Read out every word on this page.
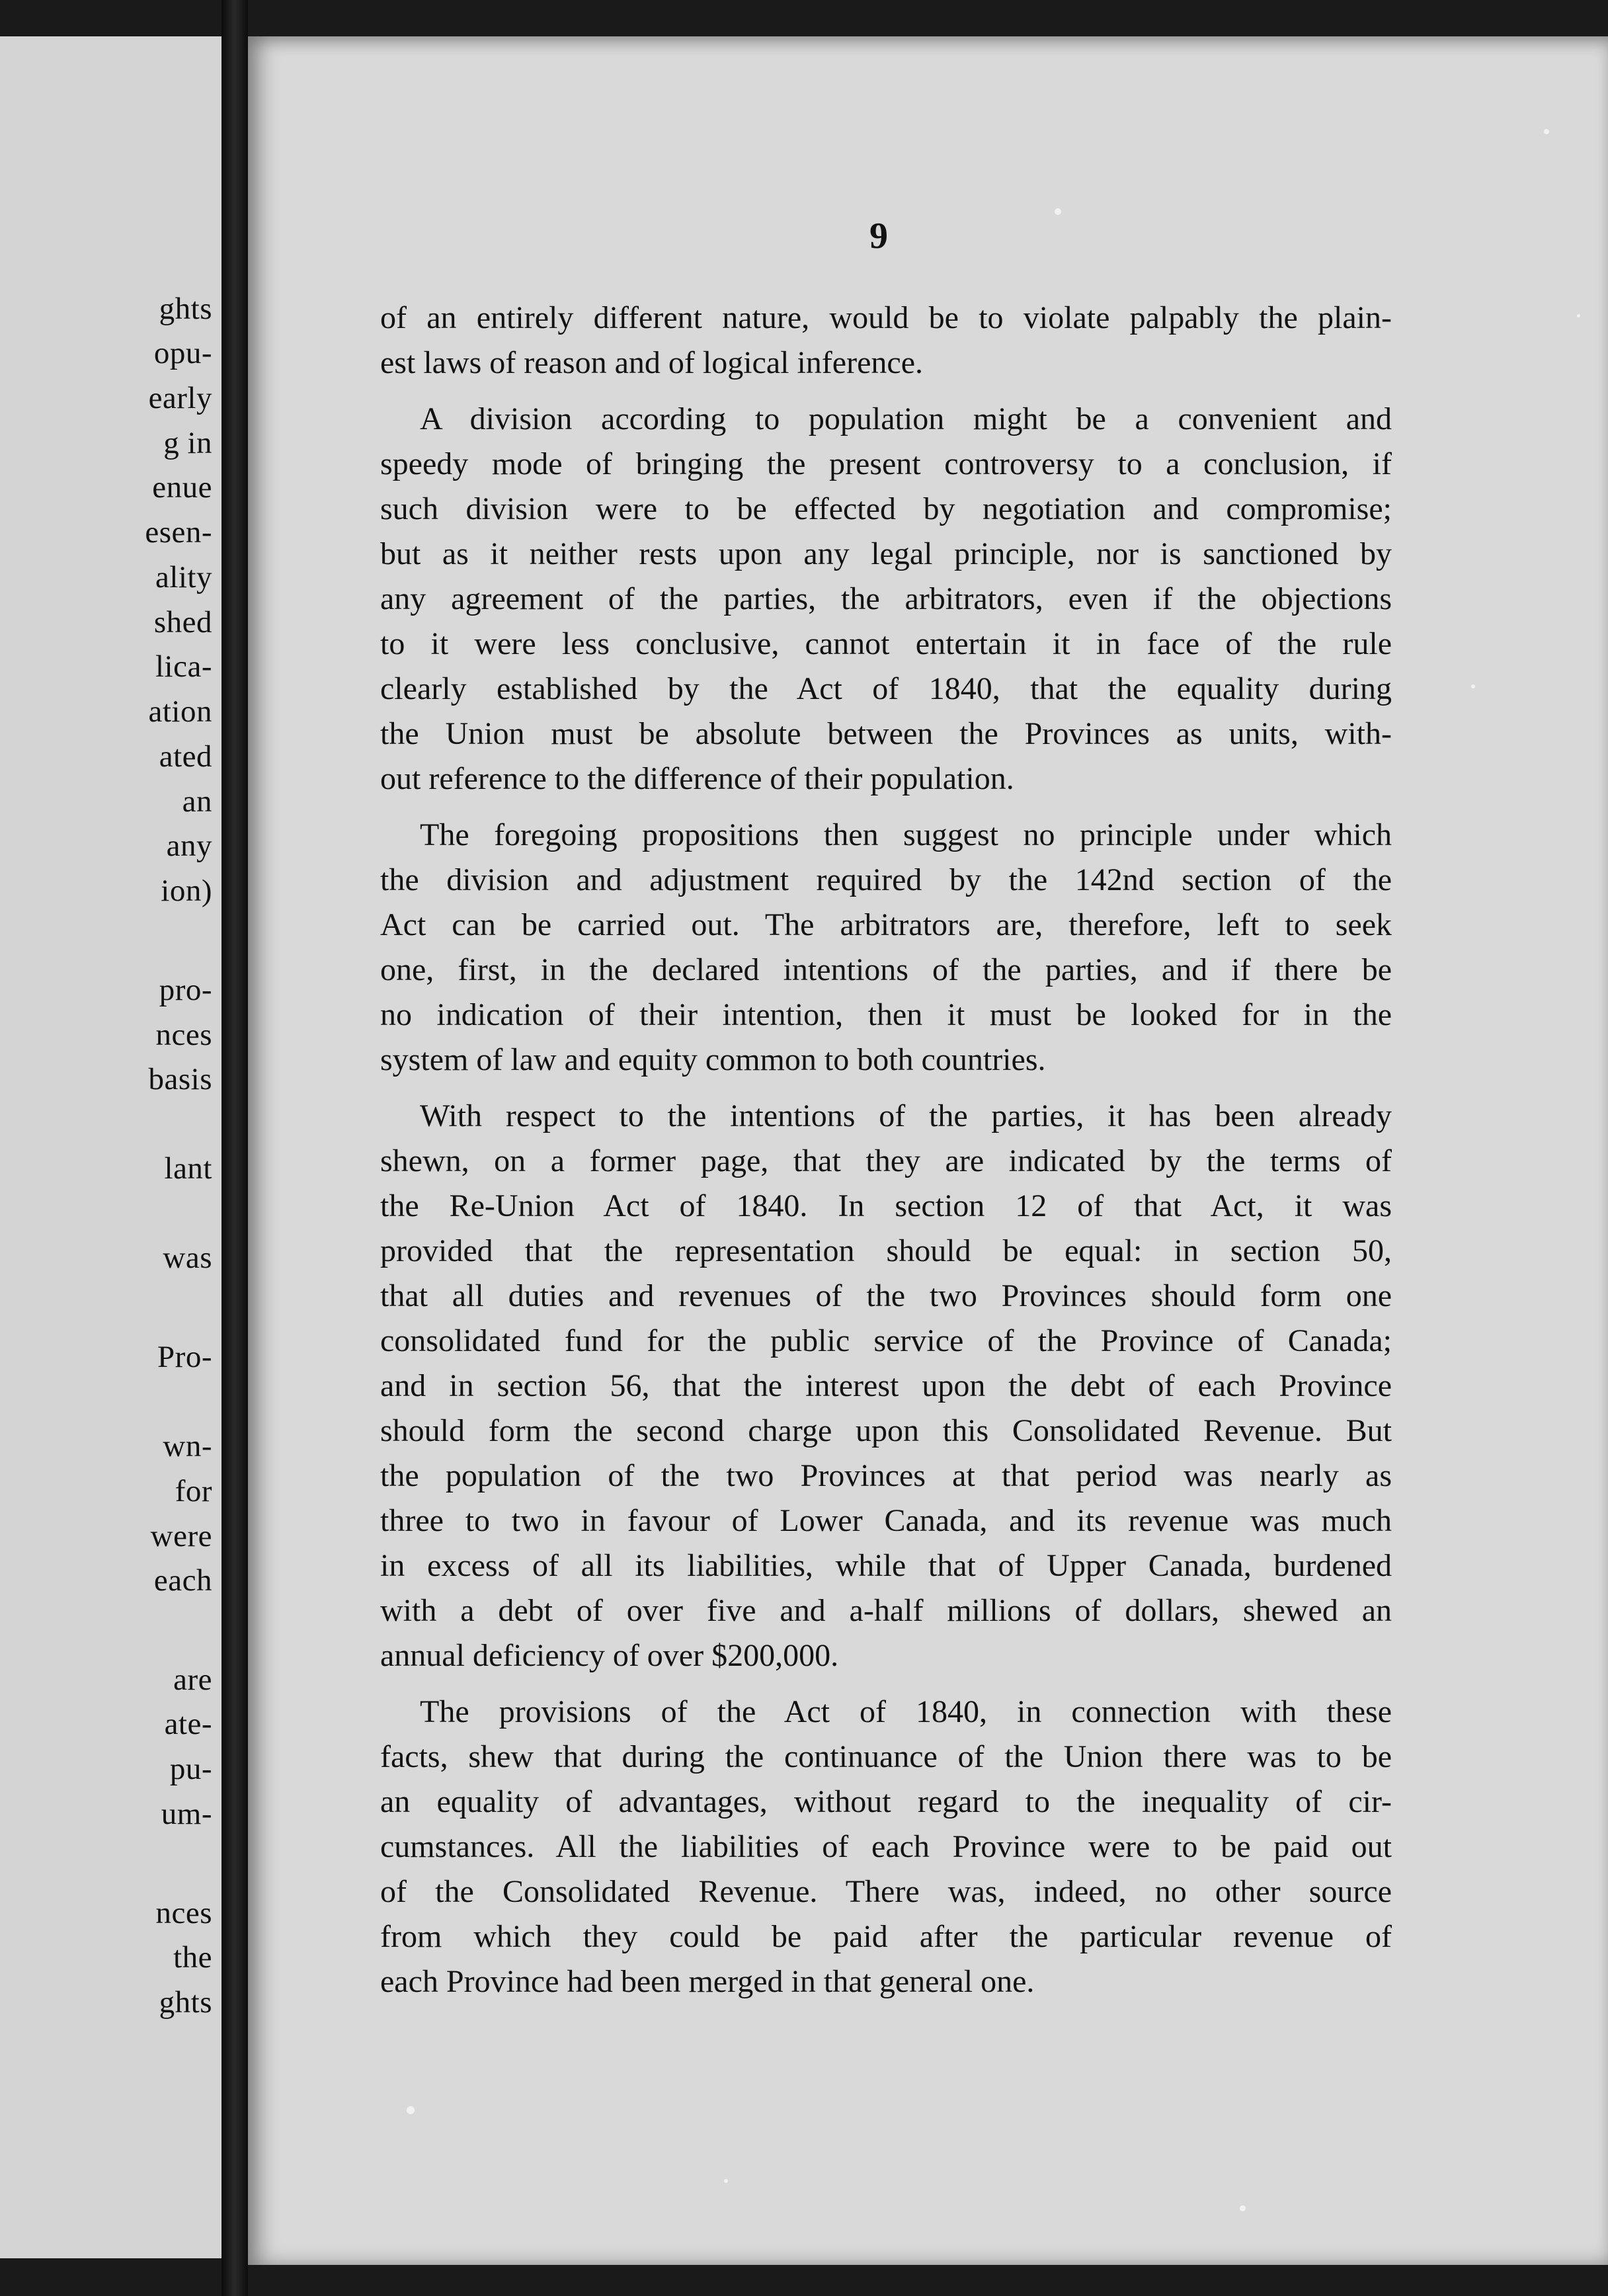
ghts
opu-
early
g in
enue
esen-
ality
shed
lica-
ation
ated
an
any
ion)
pro-
nces
basis
lant
was
Pro-
wn-
for
were
each
are
ate-
pu-
um-
nces
the
ghts
9
of an entirely different nature, would be to violate palpably the plain-
est laws of reason and of logical inference.
A division according to population might be a convenient and
speedy mode of bringing the present controversy to a conclusion, if
such division were to be effected by negotiation and compromise;
but as it neither rests upon any legal principle, nor is sanctioned by
any agreement of the parties, the arbitrators, even if the objections
to it were less conclusive, cannot entertain it in face of the rule
clearly established by the Act of 1840, that the equality during
the Union must be absolute between the Provinces as units, with-
out reference to the difference of their population.
The foregoing propositions then suggest no principle under which
the division and adjustment required by the 142nd section of the
Act can be carried out. The arbitrators are, therefore, left to seek
one, first, in the declared intentions of the parties, and if there be
no indication of their intention, then it must be looked for in the
system of law and equity common to both countries.
With respect to the intentions of the parties, it has been already
shewn, on a former page, that they are indicated by the terms of
the Re-Union Act of 1840. In section 12 of that Act, it was
provided that the representation should be equal: in section 50,
that all duties and revenues of the two Provinces should form one
consolidated fund for the public service of the Province of Canada;
and in section 56, that the interest upon the debt of each Province
should form the second charge upon this Consolidated Revenue. But
the population of the two Provinces at that period was nearly as
three to two in favour of Lower Canada, and its revenue was much
in excess of all its liabilities, while that of Upper Canada, burdened
with a debt of over five and a-half millions of dollars, shewed an
annual deficiency of over $200,000.
The provisions of the Act of 1840, in connection with these
facts, shew that during the continuance of the Union there was to be
an equality of advantages, without regard to the inequality of cir-
cumstances. All the liabilities of each Province were to be paid out
of the Consolidated Revenue. There was, indeed, no other source
from which they could be paid after the particular revenue of
each Province had been merged in that general one.
